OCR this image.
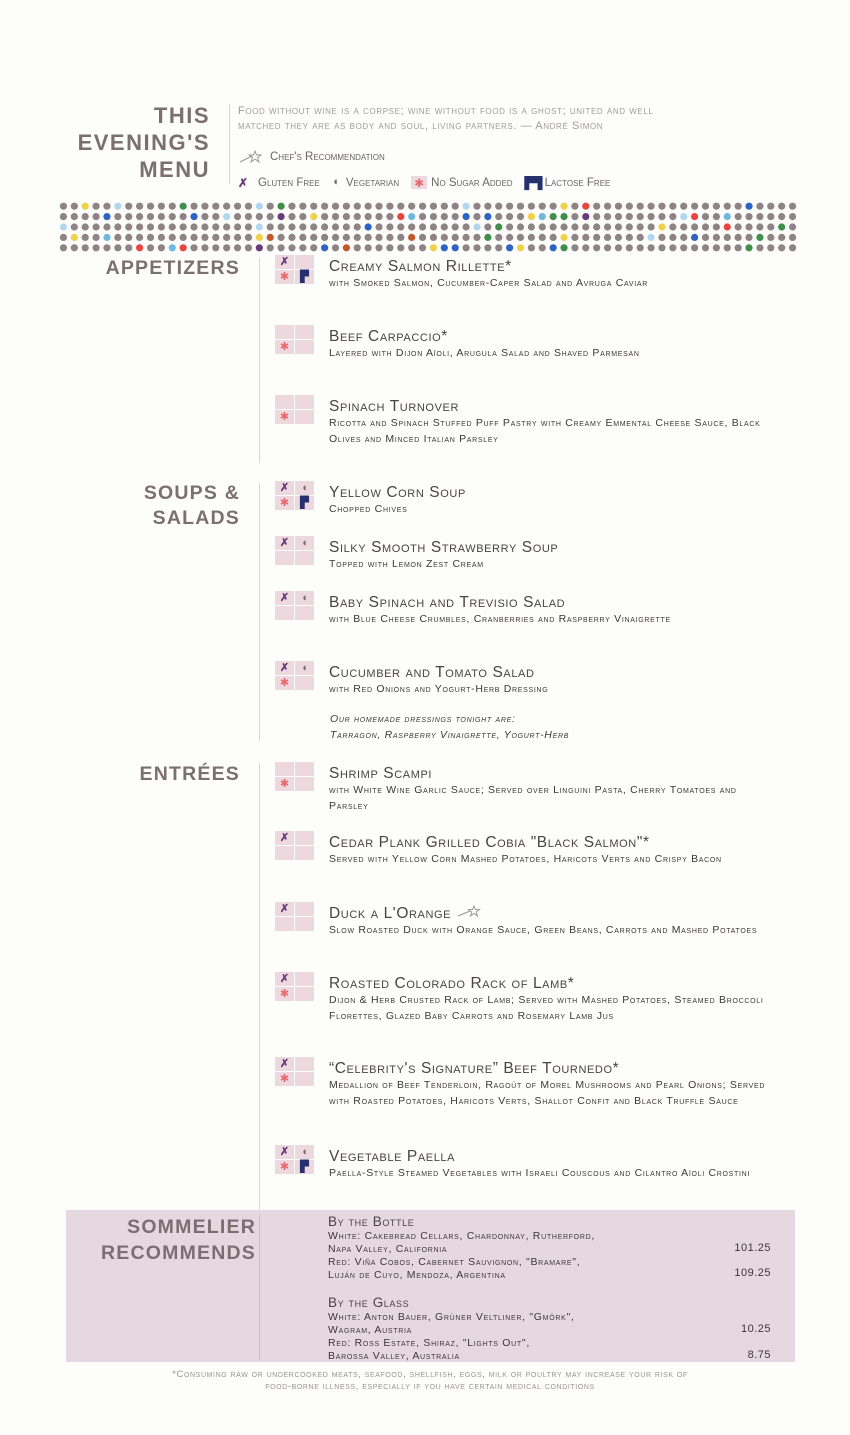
THIS
EVENING'S
MENU
Food without wine is a corpse; wine without food is a ghost; united and well matched they are as body and soul, living partners. — André Simon
Chef's Recommendation
✗ Gluten Free ◖ Vegetarian ✱ No Sugar Added ▛▜ Lactose Free
APPETIZERS
SOUPS &
SALADS
ENTRÉES
✗
✱	▛
Creamy Salmon Rillette*
with Smoked Salmon, Cucumber-Caper Salad and Avruga Caviar
✱
Beef Carpaccio*
Layered with Dijon Aïoli, Arugula Salad and Shaved Parmesan
✱
Spinach Turnover
Ricotta and Spinach Stuffed Puff Pastry with Creamy Emmental Cheese Sauce, Black Olives and Minced Italian Parsley
✗	◖
✱	▛
Yellow Corn Soup
Chopped Chives
✗	◖	Silky Smooth Strawberry Soup
Topped with Lemon Zest Cream
✗	◖	Baby Spinach and Trevisio Salad
with Blue Cheese Crumbles, Cranberries and Raspberry Vinaigrette
✗	◖
✱
Cucumber and Tomato Salad
with Red Onions and Yogurt-Herb Dressing
Our homemade dressings tonight are:
Tarragon, Raspberry Vinaigrette, Yogurt-Herb
✱
Shrimp Scampi
with White Wine Garlic Sauce; Served over Linguini Pasta, Cherry Tomatoes and Parsley
✗	Cedar Plank Grilled Cobia "Black Salmon"*
Served with Yellow Corn Mashed Potatoes, Haricots Verts and Crispy Bacon
✗	Duck a L'Orange
Slow Roasted Duck with Orange Sauce, Green Beans, Carrots and Mashed Potatoes
✗
✱
Roasted Colorado Rack of Lamb*
Dijon & Herb Crusted Rack of Lamb; Served with Mashed Potatoes, Steamed Broccoli Florettes, Glazed Baby Carrots and Rosemary Lamb Jus
✗
✱
“Celebrity's Signature” Beef Tournedo*
Medallion of Beef Tenderloin, Ragoût of Morel Mushrooms and Pearl Onions; Served with Roasted Potatoes, Haricots Verts, Shallot Confit and Black Truffle Sauce
✗	◖
✱	▛
Vegetable Paella
Paella-Style Steamed Vegetables with Israeli Couscous and Cilantro Aïoli Crostini
SOMMELIER
RECOMMENDS
By the Bottle
White: Cakebread Cellars, Chardonnay, Rutherford,
Napa Valley, California	101.25
Red: Viña Cobos, Cabernet Sauvignon, "Bramare",
Luján de Cuyo, Mendoza, Argentina	109.25
By the Glass
White: Anton Bauer, Grüner Veltliner, "Gmörk",
Wagram, Austria	10.25
Red: Ross Estate, Shiraz, "Lights Out",
Barossa Valley, Australia	8.75
*Consuming raw or undercooked meats, seafood, shellfish, eggs, milk or poultry may increase your risk of
food-borne illness, especially if you have certain medical conditions
